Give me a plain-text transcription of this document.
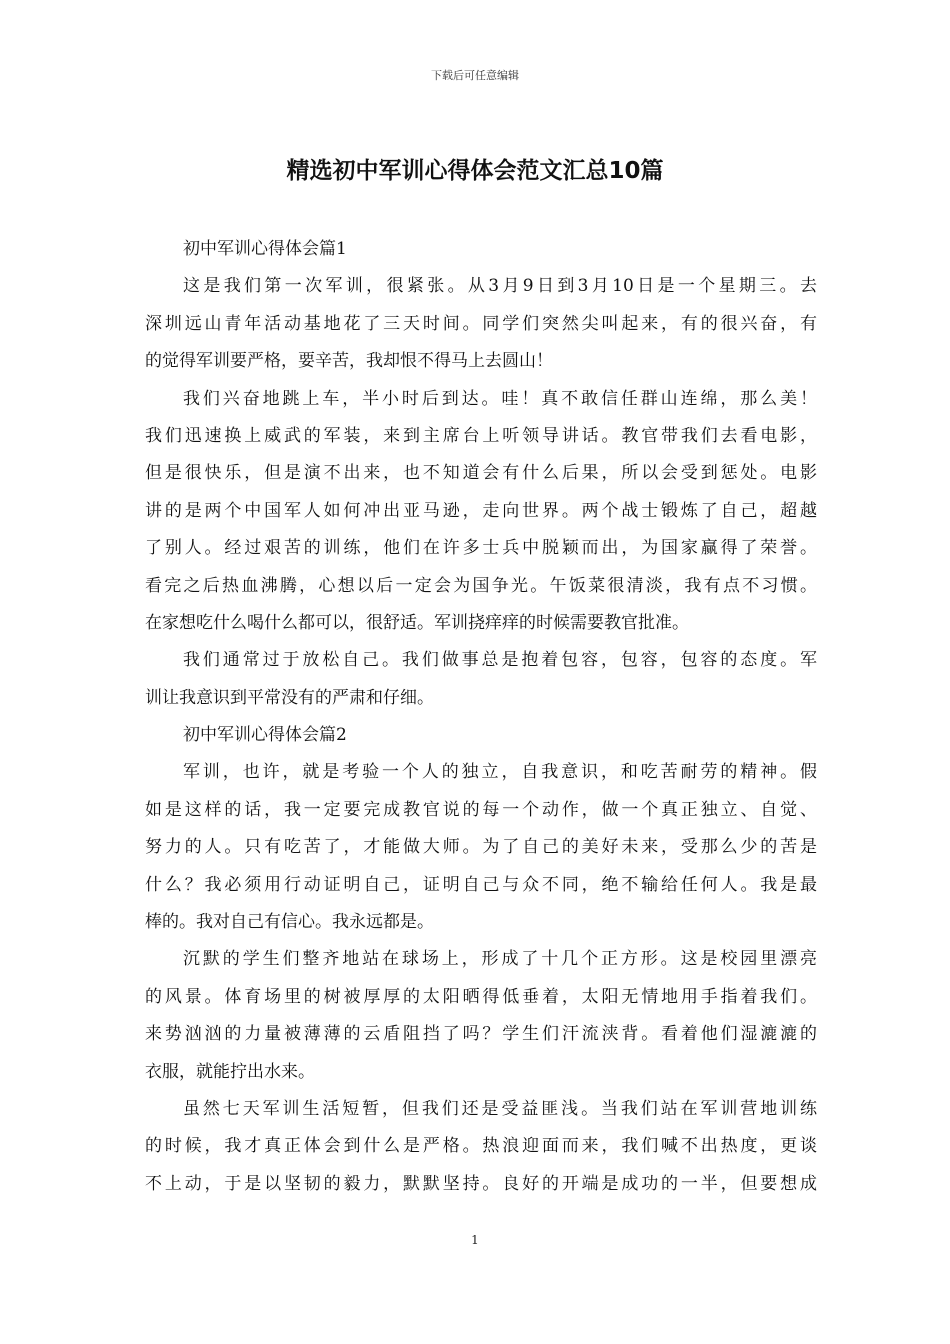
下载后可任意编辑
精选初中军训心得体会范文汇总10篇
初中军训心得体会篇1
这是我们第一次军训，很紧张。从3月9日到3月10日是一个星期三。去
深圳远山青年活动基地花了三天时间。同学们突然尖叫起来，有的很兴奋，有
的觉得军训要严格，要辛苦，我却恨不得马上去圆山！
我们兴奋地跳上车，半小时后到达。哇！真不敢信任群山连绵，那么美！
我们迅速换上威武的军装，来到主席台上听领导讲话。教官带我们去看电影，
但是很快乐，但是演不出来，也不知道会有什么后果，所以会受到惩处。电影
讲的是两个中国军人如何冲出亚马逊，走向世界。两个战士锻炼了自己，超越
了别人。经过艰苦的训练，他们在许多士兵中脱颖而出，为国家赢得了荣誉。
看完之后热血沸腾，心想以后一定会为国争光。午饭菜很清淡，我有点不习惯。
在家想吃什么喝什么都可以，很舒适。军训挠痒痒的时候需要教官批准。
我们通常过于放松自己。我们做事总是抱着包容，包容，包容的态度。军
训让我意识到平常没有的严肃和仔细。
初中军训心得体会篇2
军训，也许，就是考验一个人的独立，自我意识，和吃苦耐劳的精神。假
如是这样的话，我一定要完成教官说的每一个动作，做一个真正独立、自觉、
努力的人。只有吃苦了，才能做大师。为了自己的美好未来，受那么少的苦是
什么？我必须用行动证明自己，证明自己与众不同，绝不输给任何人。我是最
棒的。我对自己有信心。我永远都是。
沉默的学生们整齐地站在球场上，形成了十几个正方形。这是校园里漂亮
的风景。体育场里的树被厚厚的太阳晒得低垂着，太阳无情地用手指着我们。
来势汹汹的力量被薄薄的云盾阻挡了吗？学生们汗流浃背。看着他们湿漉漉的
衣服，就能拧出水来。
虽然七天军训生活短暂，但我们还是受益匪浅。当我们站在军训营地训练
的时候，我才真正体会到什么是严格。热浪迎面而来，我们喊不出热度，更谈
不上动，于是以坚韧的毅力，默默坚持。良好的开端是成功的一半，但要想成
1
